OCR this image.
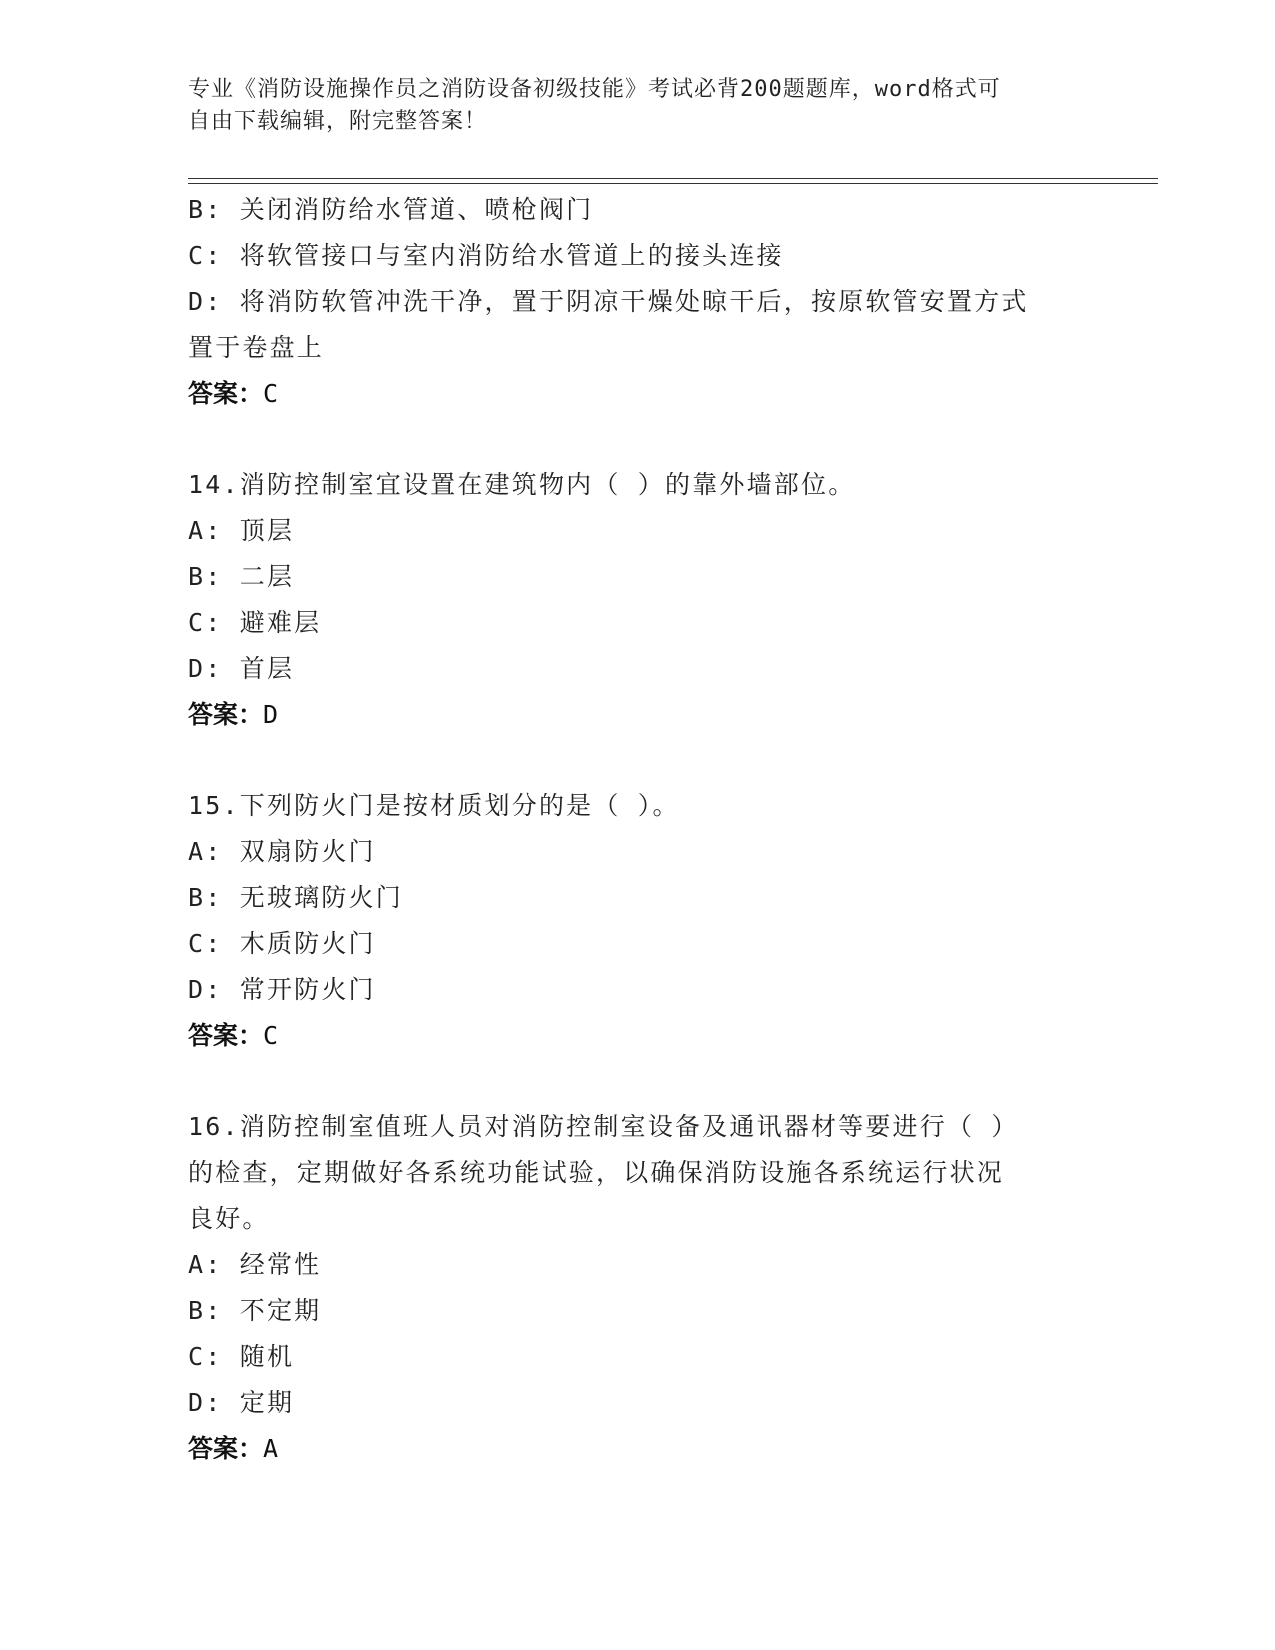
专业《消防设施操作员之消防设备初级技能》考试必背200题题库，word格式可
自由下载编辑，附完整答案！
B: 关闭消防给水管道、喷枪阀门
C: 将软管接口与室内消防给水管道上的接头连接
D: 将消防软管冲洗干净，置于阴凉干燥处晾干后，按原软管安置方式
置于卷盘上
答案：C
14.消防控制室宜设置在建筑物内（ ）的靠外墙部位。
A: 顶层
B: 二层
C: 避难层
D: 首层
答案：D
15.下列防火门是按材质划分的是（ ）。
A: 双扇防火门
B: 无玻璃防火门
C: 木质防火门
D: 常开防火门
答案：C
16.消防控制室值班人员对消防控制室设备及通讯器材等要进行（ ）
的检查，定期做好各系统功能试验，以确保消防设施各系统运行状况
良好。
A: 经常性
B: 不定期
C: 随机
D: 定期
答案：A
